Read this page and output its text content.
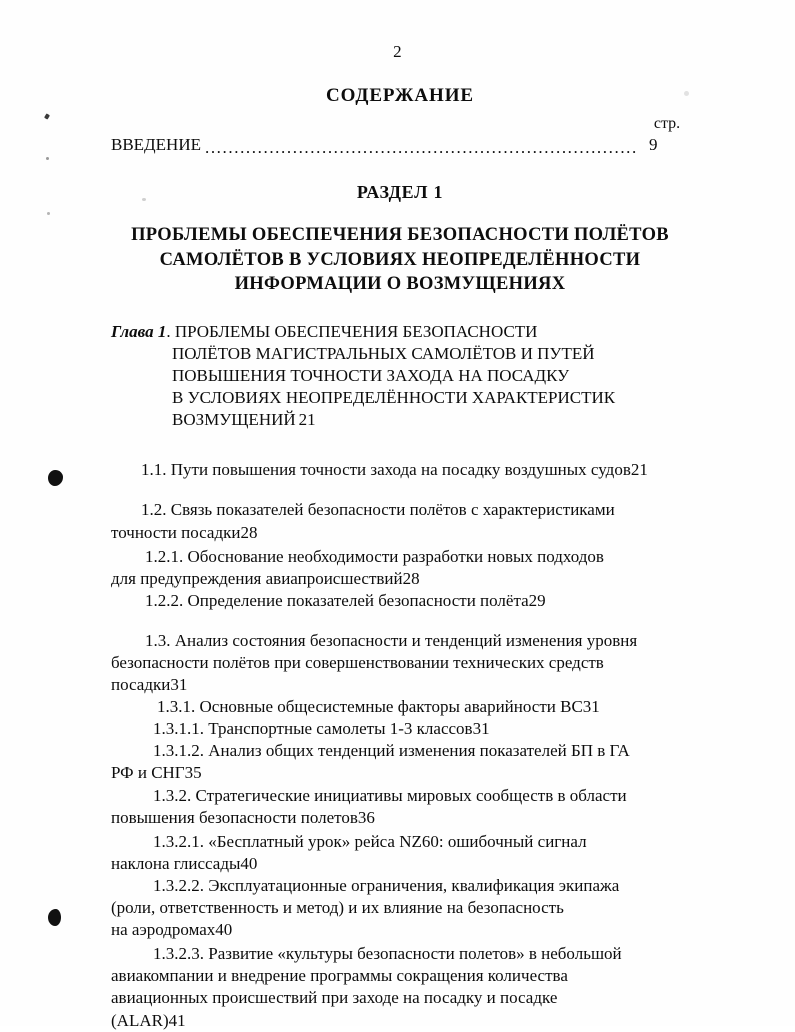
2
СОДЕРЖАНИЕ
стр.
ВВЕДЕНИЕ .....	9
РАЗДЕЛ 1
ПРОБЛЕМЫ ОБЕСПЕЧЕНИЯ БЕЗОПАСНОСТИ ПОЛЁТОВ
САМОЛЁТОВ В УСЛОВИЯХ НЕОПРЕДЕЛЁННОСТИ
ИНФОРМАЦИИ О ВОЗМУЩЕНИЯХ
Глава 1. ПРОБЛЕМЫ ОБЕСПЕЧЕНИЯ БЕЗОПАСНОСТИ
ПОЛЁТОВ МАГИСТРАЛЬНЫХ САМОЛЁТОВ И ПУТЕЙ
ПОВЫШЕНИЯ ТОЧНОСТИ ЗАХОДА НА ПОСАДКУ
В УСЛОВИЯХ НЕОПРЕДЕЛЁННОСТИ ХАРАКТЕРИСТИК
ВОЗМУЩЕНИЙ 21
1.1. Пути повышения точности захода на посадку воздушных судов 21
1.2. Связь показателей безопасности полётов с характеристиками
точности посадки 28
1.2.1. Обоснование необходимости разработки новых подходов
для предупреждения авиапроисшествий 28
1.2.2. Определение показателей безопасности полёта 29
1.3. Анализ состояния безопасности и тенденций изменения уровня
безопасности полётов при совершенствовании технических средств
посадки 31
1.3.1. Основные общесистемные факторы аварийности ВС 31
1.3.1.1. Транспортные самолеты 1-3 классов 31
1.3.1.2. Анализ общих тенденций изменения показателей БП в ГА
РФ и СНГ 35
1.3.2. Стратегические инициативы мировых сообществ в области
повышения безопасности полетов 36
1.3.2.1. «Бесплатный урок» рейса NZ60: ошибочный сигнал
наклона глиссады 40
1.3.2.2. Эксплуатационные ограничения, квалификация экипажа
(роли, ответственность и метод) и их влияние на безопасность
на аэродромах 40
1.3.2.3. Развитие «культуры безопасности полетов» в небольшой
авиакомпании и внедрение программы сокращения количества
авиационных происшествий при заходе на посадку и посадке
(ALAR) 41
